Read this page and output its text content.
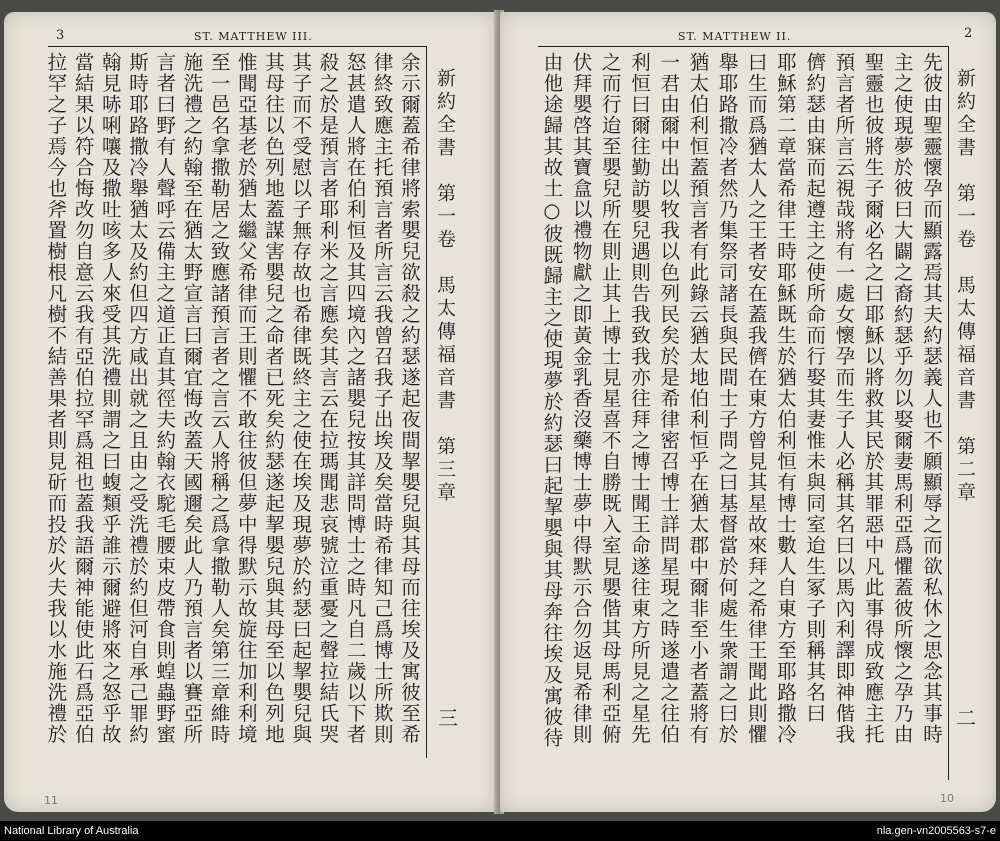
3	ST. MATTHEW III.
新約全書　第一卷　馬太傳福音書　第三章
三
余示爾蓋希律將索嬰兒欲殺之約瑟遂起夜間挈嬰兒與其母而往埃及寓彼至希
律終致應主托預言者所言云我曾召我子出埃及矣當時希律知己爲博士所欺則
怒甚遣人將在伯利恒及其四境內之諸嬰兒按其詳問博士之時凡自二歲以下者
殺之於是預言者耶利米之言應矣其言云在拉瑪聞悲哀號泣重憂之聲拉結氏哭
其子而不受慰以子無存故也希律既終主之使在埃及現夢於約瑟曰起挈嬰兒與
其母往以色列地蓋謀害嬰兒之命者已死矣約瑟遂起挈嬰兒與其母至以色列地
惟聞亞基老於猶太繼父希律而王則懼不敢往彼但夢中得默示故旋往加利利境
至一邑名拿撒勒居之致應諸預言者之言云人將稱之爲拿撒勒人矣第三章維時
施洗禮之約翰至在猶太野宣言曰爾宜悔改蓋天國邇矣此人乃預言者以賽亞所
言者曰野有人聲呼云備主之道正直其徑夫約翰衣駝毛腰束皮帶食則蝗蟲野蜜
斯時耶路撒冷舉猶太及約但四方咸出就之且由之受洗禮於約但河自承己罪約
翰見哧唎嚷及撒吐咳多人來受其洗禮則謂之曰蝮類乎誰示爾避將來之怒乎故
當結果以符合悔改勿自意云我有亞伯拉罕爲祖也蓋我語爾神能使此石爲亞伯
拉罕之子焉今也斧置樹根凡樹不結善果者則見斫而投於火夫我以水施洗禮於
11
2
ST. MATTHEW II.
新約全書　第一卷　馬太傳福音書　第二章
二
先彼由聖靈懷孕而顯露焉其夫約瑟義人也不願顯辱之而欲私休之思念其事時
主之使現夢於彼曰大闢之裔約瑟乎勿以娶爾妻馬利亞爲懼蓋彼所懷之孕乃由
聖靈也彼將生子爾必名之曰耶穌以將救其民於其罪惡中凡此事得成致應主托
預言者所言云視哉將有一處女懷孕而生子人必稱其名曰以馬內利譯即神偕我
儕約瑟由寐而起遵主之使所命而行娶其妻惟未與同室迨生冢子則稱其名曰
耶穌第二章當希律王時耶穌既生於猶太伯利恒有博士數人自東方至耶路撒冷
曰生而爲猶太人之王者安在蓋我儕在東方曾見其星故來拜之希律王聞此則懼
舉耶路撒冷者然乃集祭司諸長與民間士子問之曰基督當於何處生衆謂之曰於
猶太伯利恒蓋預言者有此錄云猶太地伯利恒乎在猶太郡中爾非至小者蓋將有
一君由爾中出以牧我以色列民矣於是希律密召博士詳問星現之時遂遣之往伯
利恒曰爾往勤訪嬰兒遇則告我致我亦往拜之博士聞王命遂往東方所見之星先
之而行迨至嬰兒所在則止其上博士見星喜不自勝既入室見嬰偕其母馬利亞俯
伏拜嬰啓其寶盒以禮物獻之即黃金乳香沒藥博士夢中得默示合勿返見希律則
由他途歸其故土○彼既歸主之使現夢於約瑟曰起挈嬰與其母奔往埃及寓彼待
10
National Library of Australia	nla.gen-vn2005563-s7-e
